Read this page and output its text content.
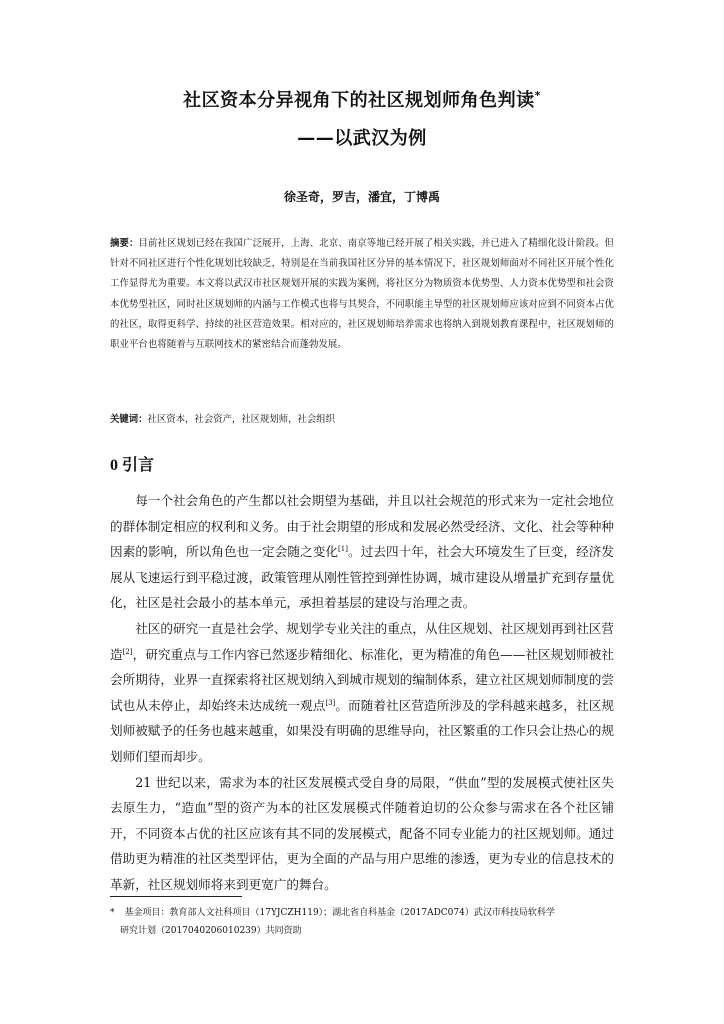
社区资本分异视角下的社区规划师角色判读*
——以武汉为例
徐圣奇，罗吉，潘宜，丁博禹
摘要：目前社区规划已经在我国广泛展开，上海、北京、南京等地已经开展了相关实践，并已进入了精细化设计阶段。但针对不同社区进行个性化规划比较缺乏，特别是在当前我国社区分异的基本情况下，社区规划师面对不同社区开展个性化工作显得尤为重要。本文将以武汉市社区规划开展的实践为案例，将社区分为物质资本优势型、人力资本优势型和社会资本优势型社区，同时社区规划师的内涵与工作模式也将与其契合，不同职能主导型的社区规划师应该对应到不同资本占优的社区，取得更科学、持续的社区营造效果。相对应的，社区规划师培养需求也将纳入到规划教育课程中，社区规划师的职业平台也将随着与互联网技术的紧密结合而蓬勃发展。
关键词：社区资本，社会资产，社区规划师，社会组织
0 引言

每一个社会角色的产生都以社会期望为基础，并且以社会规范的形式来为一定社会地位的群体制定相应的权利和义务。由于社会期望的形成和发展必然受经济、文化、社会等种种因素的影响，所以角色也一定会随之变化[1]。过去四十年，社会大环境发生了巨变，经济发展从飞速运行到平稳过渡，政策管理从刚性管控到弹性协调，城市建设从增量扩充到存量优化，社区是社会最小的基本单元，承担着基层的建设与治理之责。

社区的研究一直是社会学、规划学专业关注的重点，从住区规划、社区规划再到社区营造[2]，研究重点与工作内容已然逐步精细化、标准化，更为精准的角色——社区规划师被社会所期待，业界一直探索将社区规划纳入到城市规划的编制体系，建立社区规划师制度的尝试也从未停止，却始终未达成统一观点[3]。而随着社区营造所涉及的学科越来越多，社区规划师被赋予的任务也越来越重，如果没有明确的思维导向，社区繁重的工作只会让热心的规划师们望而却步。

21 世纪以来，需求为本的社区发展模式受自身的局限，“供血”型的发展模式使社区失去原生力，“造血”型的资产为本的社区发展模式伴随着迫切的公众参与需求在各个社区铺开，不同资本占优的社区应该有其不同的发展模式，配备不同专业能力的社区规划师。通过借助更为精准的社区类型评估，更为全面的产品与用户思维的渗透，更为专业的信息技术的革新，社区规划师将来到更宽广的舞台。

* 基金项目：教育部人文社科项目（17YJCZH119）；湖北省自科基金（2017ADC074）武汉市科技局软科学
研究计划（2017040206010239）共同资助
